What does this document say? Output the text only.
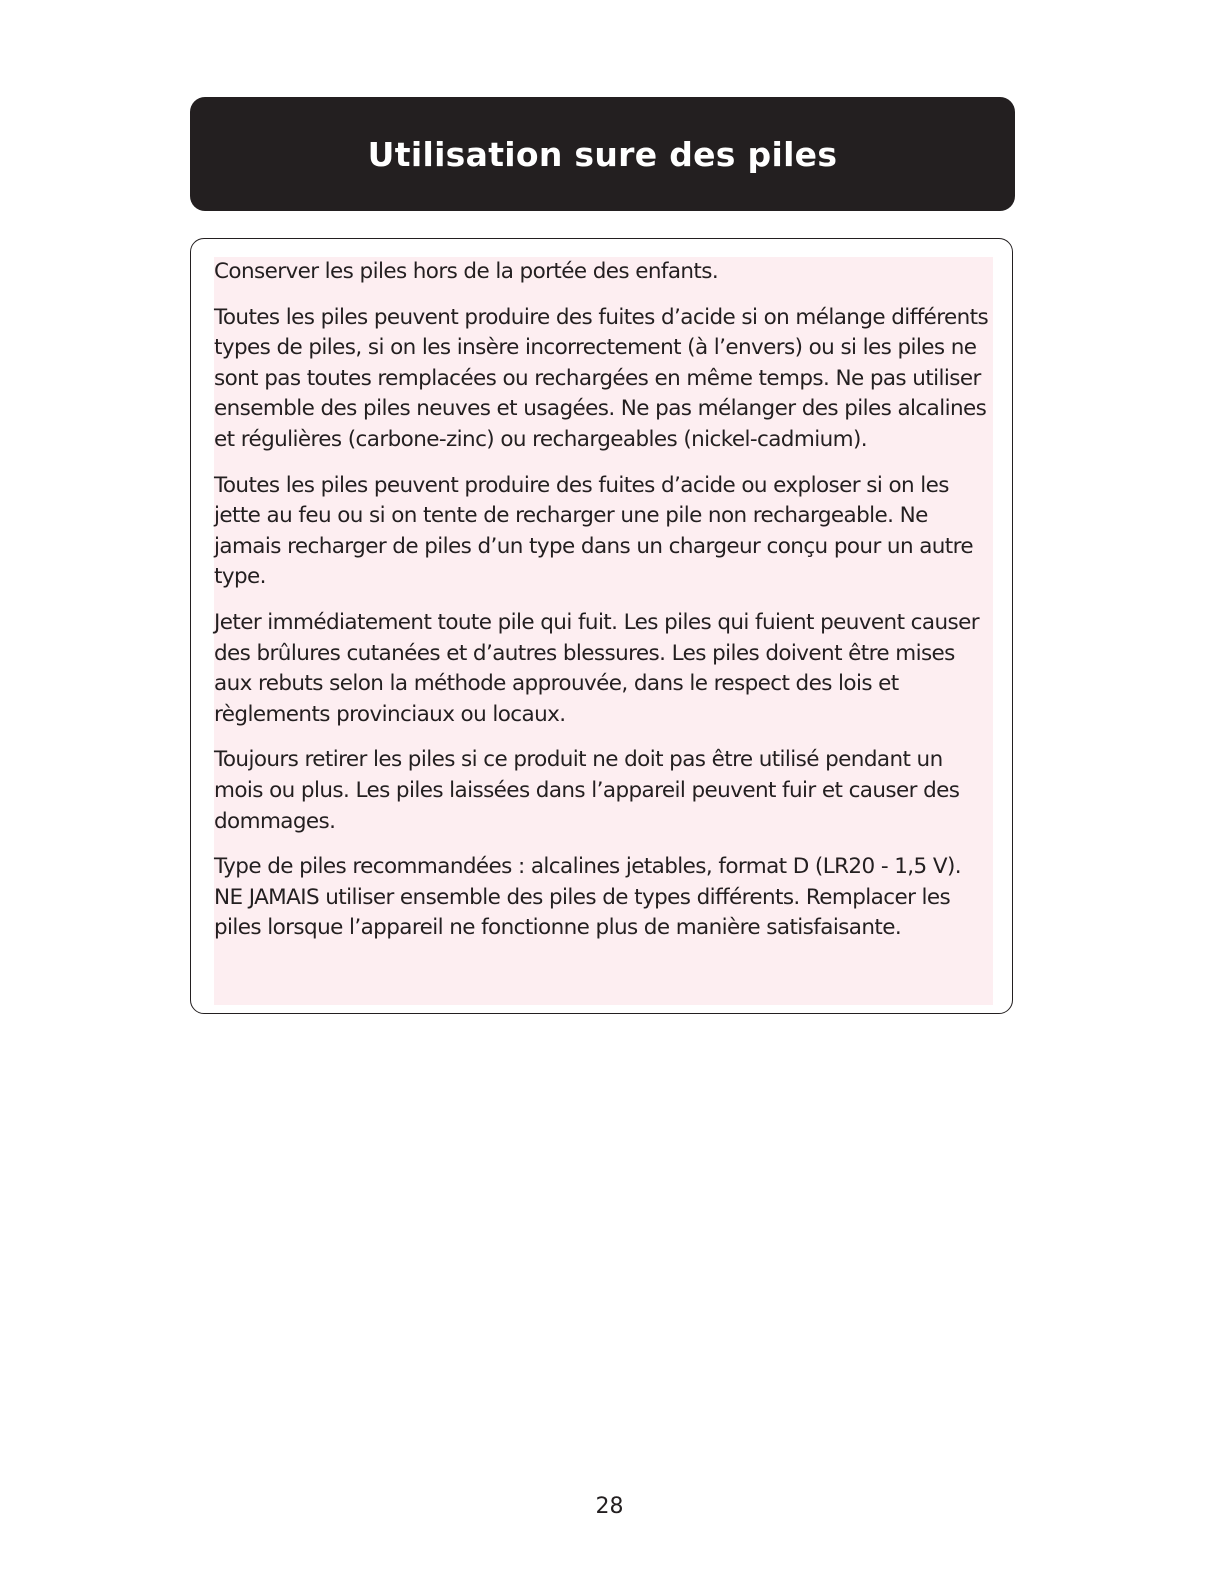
Utilisation sure des piles

Conserver les piles hors de la portée des enfants.

Toutes les piles peuvent produire des fuites d’acide si on mélange différents types de piles, si on les insère incorrectement (à l’envers) ou si les piles ne sont pas toutes remplacées ou rechargées en même temps. Ne pas utiliser ensemble des piles neuves et usagées. Ne pas mélanger des piles alcalines et régulières (carbone-zinc) ou rechargeables (nickel-cadmium).

Toutes les piles peuvent produire des fuites d’acide ou exploser si on les jette au feu ou si on tente de recharger une pile non rechargeable. Ne jamais recharger de piles d’un type dans un chargeur conçu pour un autre type.

Jeter immédiatement toute pile qui fuit. Les piles qui fuient peuvent causer des brûlures cutanées et d’autres blessures. Les piles doivent être mises aux rebuts selon la méthode approuvée, dans le respect des lois et règlements provinciaux ou locaux.

Toujours retirer les piles si ce produit ne doit pas être utilisé pendant un mois ou plus. Les piles laissées dans l’appareil peuvent fuir et causer des dommages.

Type de piles recommandées : alcalines jetables, format D (LR20 - 1,5 V). NE JAMAIS utiliser ensemble des piles de types différents. Remplacer les piles lorsque l’appareil ne fonctionne plus de manière satisfaisante.

28
